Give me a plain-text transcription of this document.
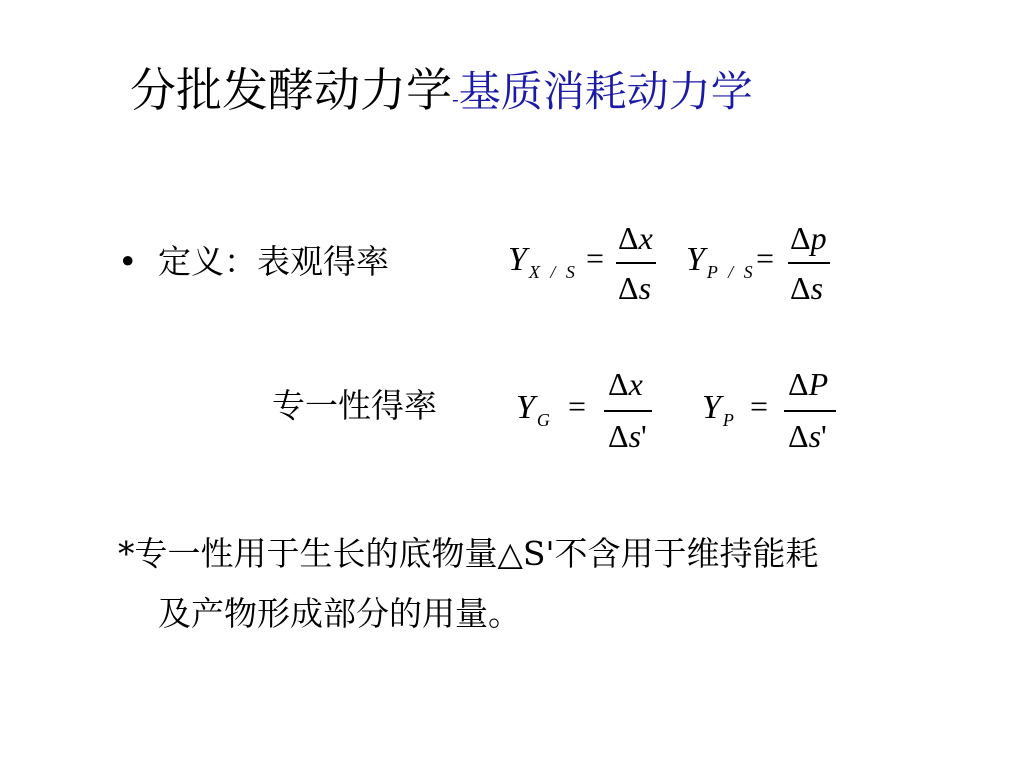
分批发酵动力学-基质消耗动力学
• 定义：表观得率	Y $_{X / S}$ =
Δx
Δs
Y $_{P / S}$ =
Δp
Δs
专一性得率 Y $_G$ =
Δx
Δs'
Y $_P$ =
ΔP
Δs'
*专一性用于生长的底物量△S'不含用于维持能耗
及产物形成部分的用量。
